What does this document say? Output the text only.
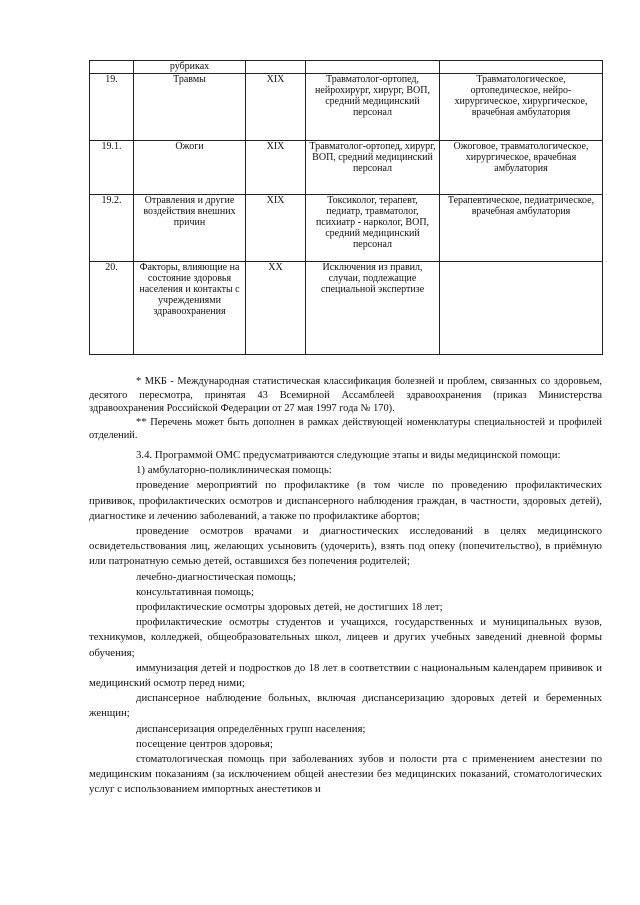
	рубриках			
19.	Травмы	XIX	Травматолог-ортопед, нейрохирург, хирург, ВОП, средний медицинский персонал	Травматологическое, ортопедическое, нейро-хирургическое, хирургическое, врачебная амбулатория
19.1.	Ожоги	XIX	Травматолог-ортопед, хирург, ВОП, средний медицинский персонал	Ожоговое, травматологическое, хирургическое, врачебная амбулатория
19.2.	Отравления и другие воздействия внешних причин	XIX	Токсиколог, терапевт, педиатр, травматолог, психиатр - нарколог, ВОП, средний медицинский персонал	Терапевтическое, педиатрическое, врачебная амбулатория
20.	Факторы, влияющие на состояние здоровья населения и контакты с учреждениями здравоохранения	XX	Исключения из правил, случаи, подлежащие специальной экспертизе	

* МКБ - Международная статистическая классификация болезней и проблем, связанных со здоровьем, десятого пересмотра, принятая 43 Всемирной Ассамблеей здравоохранения (приказ Министерства здравоохранения Российской Федерации от 27 мая 1997 года № 170).

** Перечень может быть дополнен в рамках действующей номенклатуры специальностей и профилей отделений.

3.4. Программой ОМС предусматриваются следующие этапы и виды медицинской помощи:

1) амбулаторно-поликлиническая помощь:

проведение мероприятий по профилактике (в том числе по проведению профилактических прививок, профилактических осмотров и диспансерного наблюдения граждан, в частности, здоровых детей), диагностике и лечению заболеваний, а также по профилактике абортов;

проведение осмотров врачами и диагностических исследований в целях медицинского освидетельствования лиц, желающих усыновить (удочерить), взять под опеку (попечительство), в приёмную или патронатную семью детей, оставшихся без попечения родителей;

лечебно-диагностическая помощь;

консультативная помощь;

профилактические осмотры здоровых детей, не достигших 18 лет;

профилактические осмотры студентов и учащихся, государственных и муниципальных вузов, техникумов, колледжей, общеобразовательных школ, лицеев и других учебных заведений дневной формы обучения;

иммунизация детей и подростков до 18 лет в соответствии с национальным календарем прививок и медицинский осмотр перед ними;

диспансерное наблюдение больных, включая диспансеризацию здоровых детей и беременных женщин;

диспансеризация определённых групп населения;

посещение центров здоровья;

стоматологическая помощь при заболеваниях зубов и полости рта с применением анестезии по медицинским показаниям (за исключением общей анестезии без медицинских показаний, стоматологических услуг с использованием импортных анестетиков и
